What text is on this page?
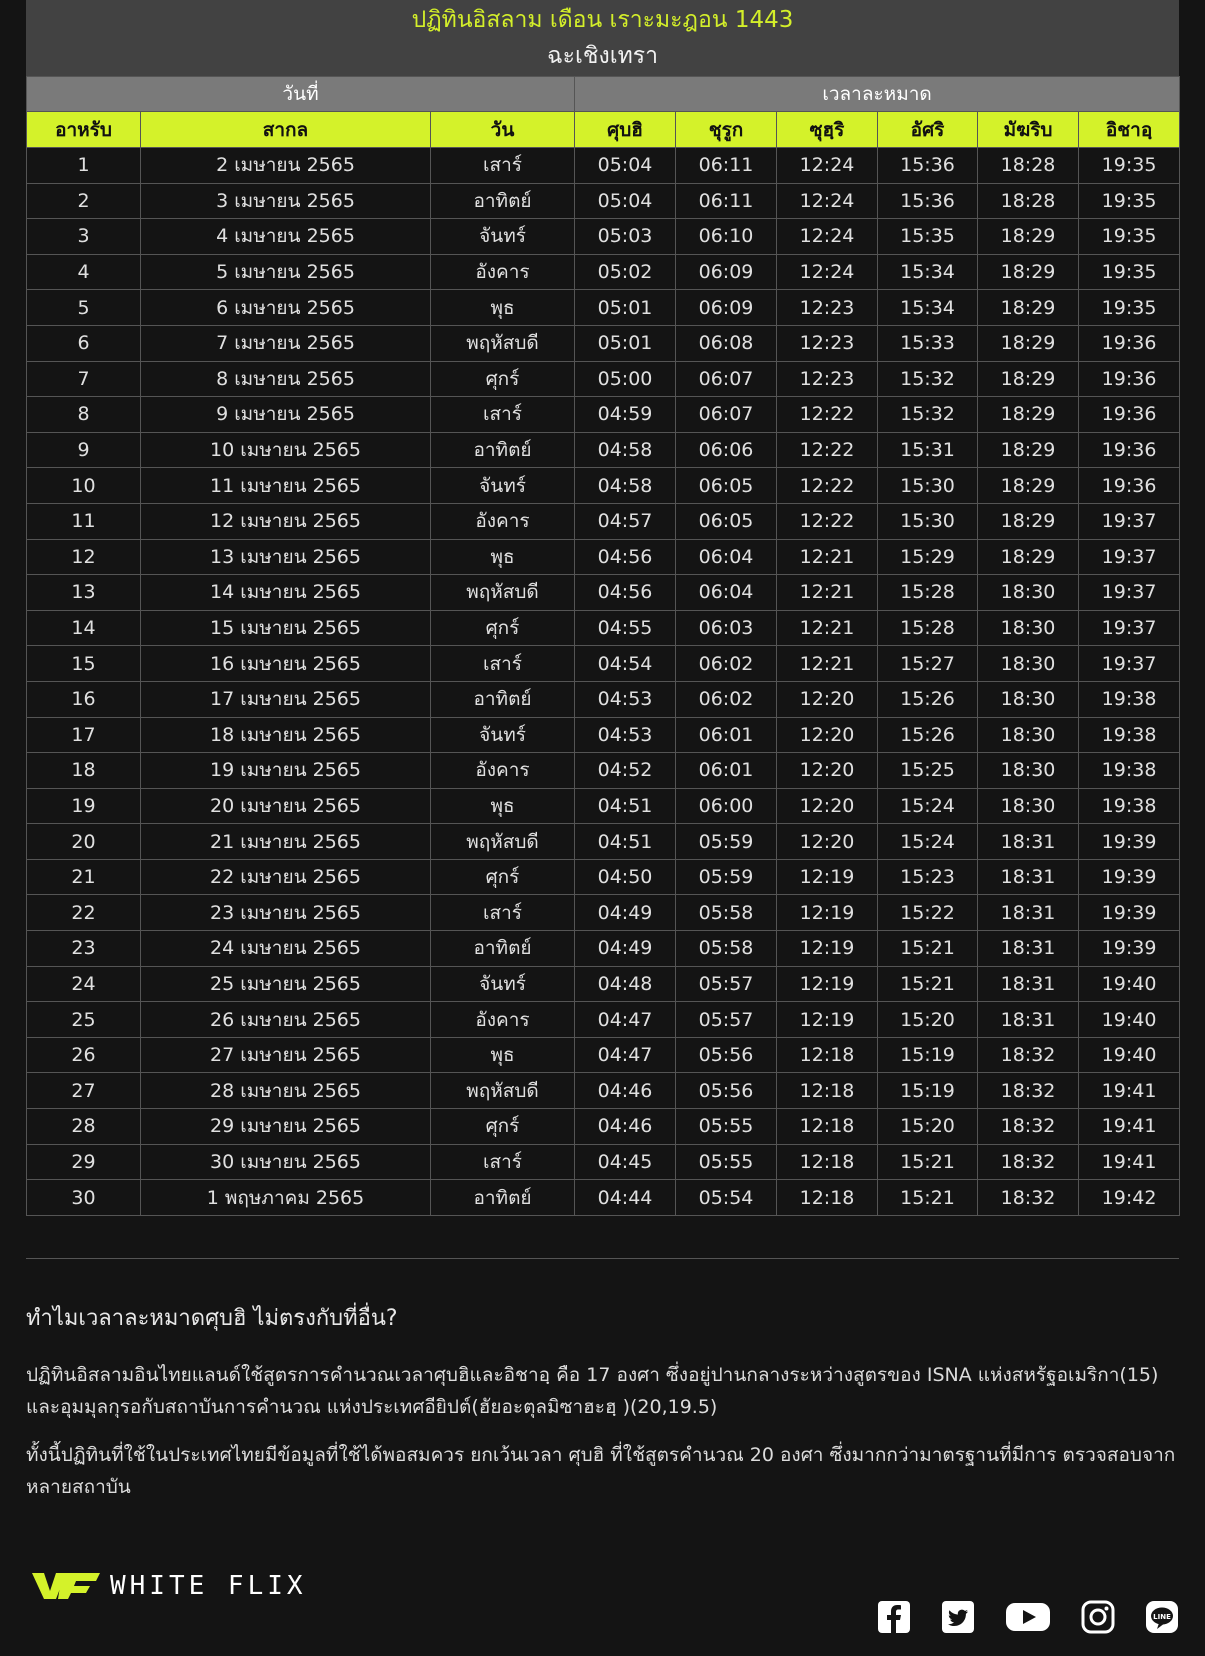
ปฏิทินอิสลาม เดือน เราะมะฎอน 1443
ฉะเชิงเทรา
วันที่			เวลาละหมาด					
อาหรับ	สากล	วัน	ศุบฮิ	ชุรูก	ซุฮฺริ	อัศริ	มัฆริบ	อิชาอฺ
1	2 เมษายน 2565	เสาร์	05:04	06:11	12:24	15:36	18:28	19:35
2	3 เมษายน 2565	อาทิตย์	05:04	06:11	12:24	15:36	18:28	19:35
3	4 เมษายน 2565	จันทร์	05:03	06:10	12:24	15:35	18:29	19:35
4	5 เมษายน 2565	อังคาร	05:02	06:09	12:24	15:34	18:29	19:35
5	6 เมษายน 2565	พุธ	05:01	06:09	12:23	15:34	18:29	19:35
6	7 เมษายน 2565	พฤหัสบดี	05:01	06:08	12:23	15:33	18:29	19:36
7	8 เมษายน 2565	ศุกร์	05:00	06:07	12:23	15:32	18:29	19:36
8	9 เมษายน 2565	เสาร์	04:59	06:07	12:22	15:32	18:29	19:36
9	10 เมษายน 2565	อาทิตย์	04:58	06:06	12:22	15:31	18:29	19:36
10	11 เมษายน 2565	จันทร์	04:58	06:05	12:22	15:30	18:29	19:36
11	12 เมษายน 2565	อังคาร	04:57	06:05	12:22	15:30	18:29	19:37
12	13 เมษายน 2565	พุธ	04:56	06:04	12:21	15:29	18:29	19:37
13	14 เมษายน 2565	พฤหัสบดี	04:56	06:04	12:21	15:28	18:30	19:37
14	15 เมษายน 2565	ศุกร์	04:55	06:03	12:21	15:28	18:30	19:37
15	16 เมษายน 2565	เสาร์	04:54	06:02	12:21	15:27	18:30	19:37
16	17 เมษายน 2565	อาทิตย์	04:53	06:02	12:20	15:26	18:30	19:38
17	18 เมษายน 2565	จันทร์	04:53	06:01	12:20	15:26	18:30	19:38
18	19 เมษายน 2565	อังคาร	04:52	06:01	12:20	15:25	18:30	19:38
19	20 เมษายน 2565	พุธ	04:51	06:00	12:20	15:24	18:30	19:38
20	21 เมษายน 2565	พฤหัสบดี	04:51	05:59	12:20	15:24	18:31	19:39
21	22 เมษายน 2565	ศุกร์	04:50	05:59	12:19	15:23	18:31	19:39
22	23 เมษายน 2565	เสาร์	04:49	05:58	12:19	15:22	18:31	19:39
23	24 เมษายน 2565	อาทิตย์	04:49	05:58	12:19	15:21	18:31	19:39
24	25 เมษายน 2565	จันทร์	04:48	05:57	12:19	15:21	18:31	19:40
25	26 เมษายน 2565	อังคาร	04:47	05:57	12:19	15:20	18:31	19:40
26	27 เมษายน 2565	พุธ	04:47	05:56	12:18	15:19	18:32	19:40
27	28 เมษายน 2565	พฤหัสบดี	04:46	05:56	12:18	15:19	18:32	19:41
28	29 เมษายน 2565	ศุกร์	04:46	05:55	12:18	15:20	18:32	19:41
29	30 เมษายน 2565	เสาร์	04:45	05:55	12:18	15:21	18:32	19:41
30	1 พฤษภาคม 2565	อาทิตย์	04:44	05:54	12:18	15:21	18:32	19:42
ทำไมเวลาละหมาดศุบฮิ ไม่ตรงกับที่อื่น?

ปฏิทินอิสลามอินไทยแลนด์ใช้สูตรการคำนวณเวลาศุบฮิและอิชาอฺ คือ 17 องศา ซึ่งอยู่ปานกลางระหว่างสูตรของ ISNA แห่งสหรัฐอเมริกา(15) และอุมมุลกุรอกับสถาบันการคำนวณ แห่งประเทศอียิปต์(ฮัยอะตุลมิซาฮะฮฺ )(20,19.5)

ทั้งนี้ปฏิทินที่ใช้ในประเทศไทยมีข้อมูลที่ใช้ได้พอสมควร ยกเว้นเวลา ศุบฮิ ที่ใช้สูตรคำนวณ 20 องศา ซึ่งมากกว่ามาตรฐานที่มีการ ตรวจสอบจากหลายสถาบัน

WHITE FLIX
LINE
